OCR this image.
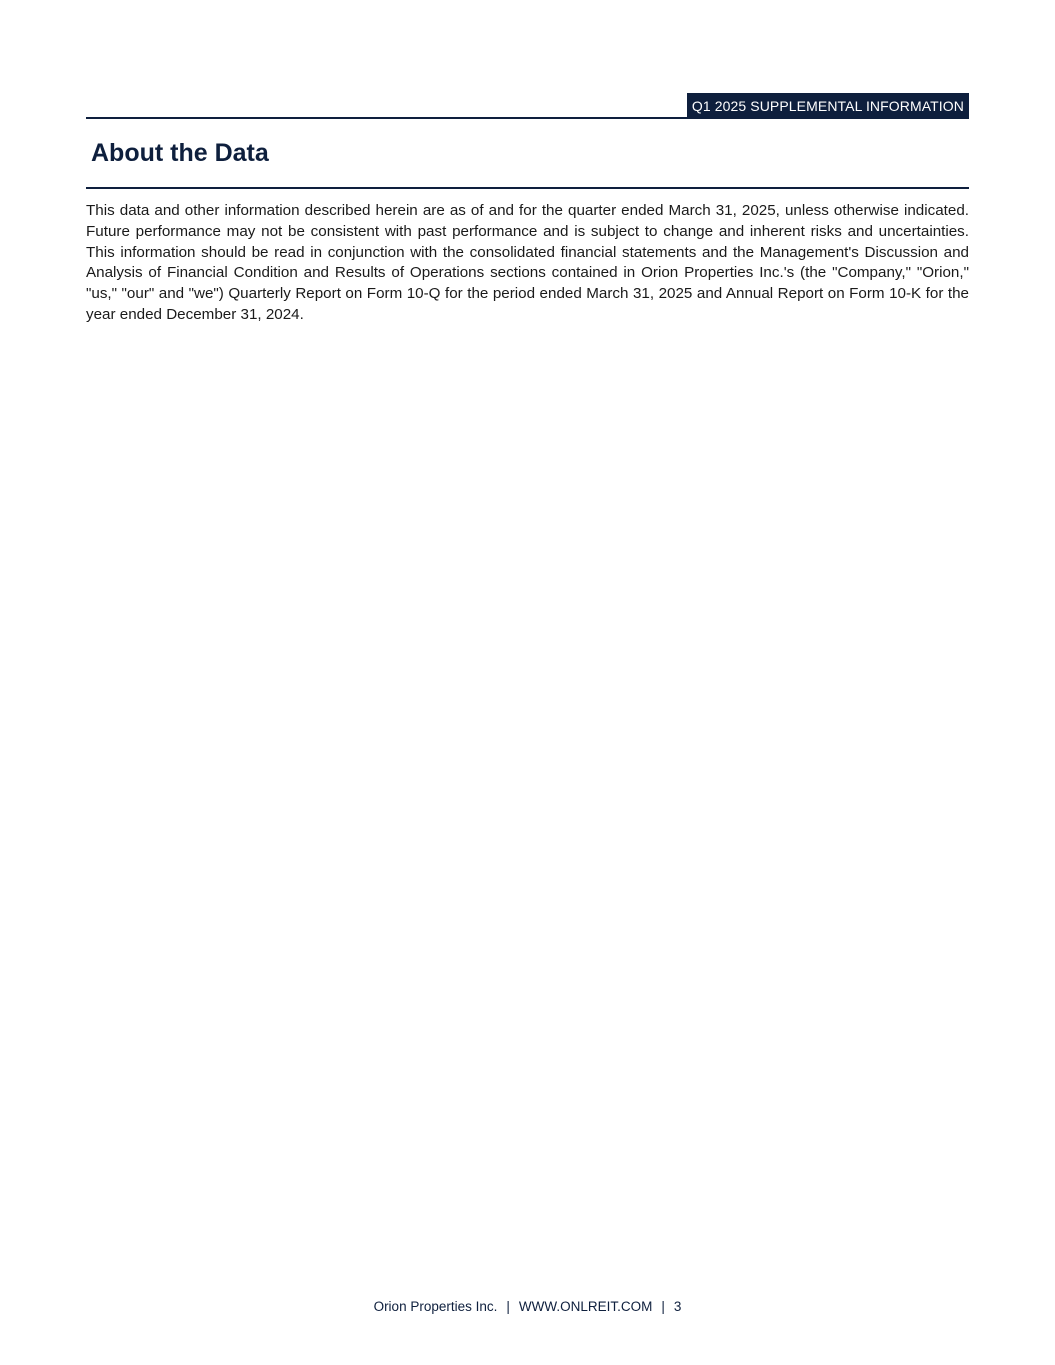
Q1 2025 SUPPLEMENTAL INFORMATION
About the Data

This data and other information described herein are as of and for the quarter ended March 31, 2025, unless otherwise indicated. Future performance may not be consistent with past performance and is subject to change and inherent risks and uncertainties. This information should be read in conjunction with the consolidated financial statements and the Management's Discussion and Analysis of Financial Condition and Results of Operations sections contained in Orion Properties Inc.'s (the "Company," "Orion," "us," "our" and "we") Quarterly Report on Form 10-Q for the period ended March 31, 2025 and Annual Report on Form 10-K for the year ended December 31, 2024.

Orion Properties Inc. | WWW.ONLREIT.COM | 3
